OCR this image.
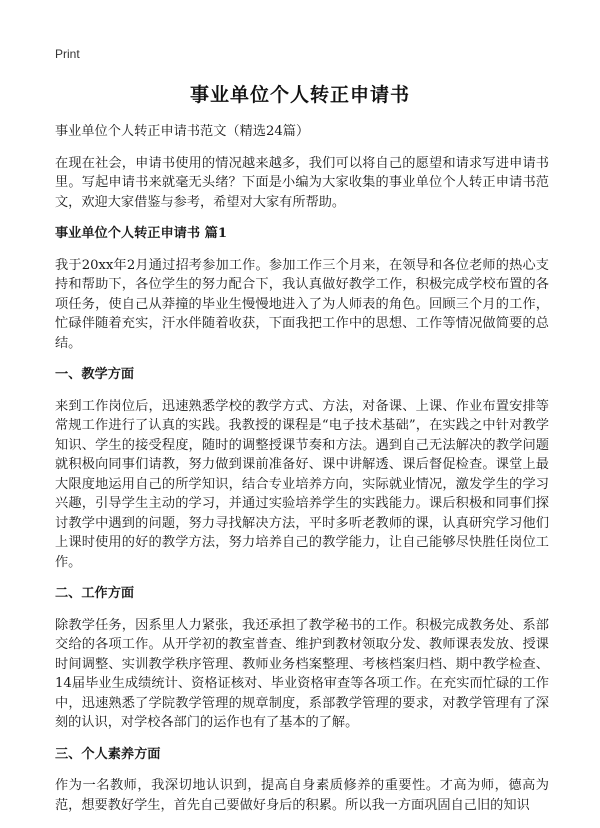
Print
事业单位个人转正申请书

事业单位个人转正申请书范文（精选24篇）

在现在社会，申请书使用的情况越来越多，我们可以将自己的愿望和请求写进申请书里。写起申请书来就毫无头绪？下面是小编为大家收集的事业单位个人转正申请书范文，欢迎大家借鉴与参考，希望对大家有所帮助。

事业单位个人转正申请书 篇1

我于20xx年2月通过招考参加工作。参加工作三个月来，在领导和各位老师的热心支持和帮助下，各位学生的努力配合下，我认真做好教学工作，积极完成学校布置的各项任务，使自己从莽撞的毕业生慢慢地进入了为人师表的角色。回顾三个月的工作，忙碌伴随着充实，汗水伴随着收获，下面我把工作中的思想、工作等情况做简要的总结。

一、教学方面

来到工作岗位后，迅速熟悉学校的教学方式、方法，对备课、上课、作业布置安排等常规工作进行了认真的实践。我教授的课程是“电子技术基础”，在实践之中针对教学知识、学生的接受程度，随时的调整授课节奏和方法。遇到自己无法解决的教学问题就积极向同事们请教，努力做到课前准备好、课中讲解透、课后督促检查。课堂上最大限度地运用自己的所学知识，结合专业培养方向，实际就业情况，激发学生的学习兴趣，引导学生主动的学习，并通过实验培养学生的实践能力。课后积极和同事们探讨教学中遇到的问题，努力寻找解决方法，平时多听老教师的课，认真研究学习他们上课时使用的好的教学方法，努力培养自己的教学能力，让自己能够尽快胜任岗位工作。

二、工作方面

除教学任务，因系里人力紧张，我还承担了教学秘书的工作。积极完成教务处、系部交给的各项工作。从开学初的教室普查、维护到教材领取分发、教师课表发放、授课时间调整、实训教学秩序管理、教师业务档案整理、考核档案归档、期中教学检查、14届毕业生成绩统计、资格证核对、毕业资格审查等各项工作。在充实而忙碌的工作中，迅速熟悉了学院教学管理的规章制度，系部教学管理的要求，对教学管理有了深刻的认识，对学校各部门的运作也有了基本的了解。

三、个人素养方面

作为一名教师，我深切地认识到，提高自身素质修养的重要性。才高为师，德高为范，想要教好学生，首先自己要做好身后的积累。所以我一方面巩固自己旧的知识
